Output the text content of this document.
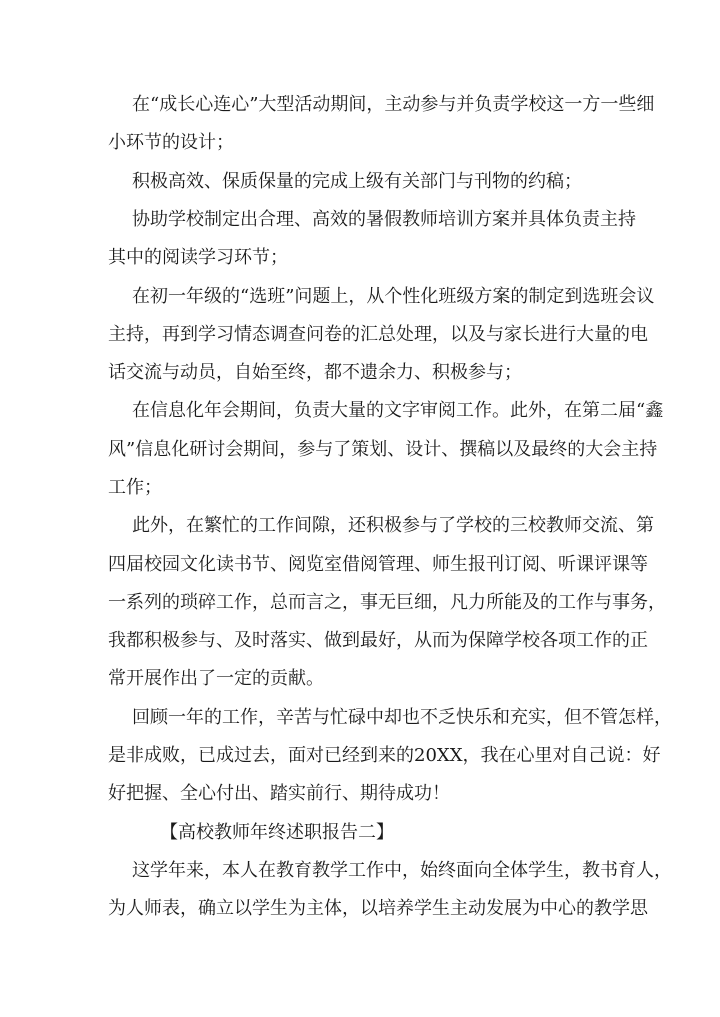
在“成长心连心”大型活动期间，主动参与并负责学校这一方一些细
小环节的设计；
积极高效、保质保量的完成上级有关部门与刊物的约稿；
协助学校制定出合理、高效的暑假教师培训方案并具体负责主持
其中的阅读学习环节；
在初一年级的“选班”问题上，从个性化班级方案的制定到选班会议
主持，再到学习情态调查问卷的汇总处理，以及与家长进行大量的电
话交流与动员，自始至终，都不遗余力、积极参与；
在信息化年会期间，负责大量的文字审阅工作。此外，在第二届“鑫
风”信息化研讨会期间，参与了策划、设计、撰稿以及最终的大会主持
工作；
此外，在繁忙的工作间隙，还积极参与了学校的三校教师交流、第
四届校园文化读书节、阅览室借阅管理、师生报刊订阅、听课评课等
一系列的琐碎工作，总而言之，事无巨细，凡力所能及的工作与事务，
我都积极参与、及时落实、做到最好，从而为保障学校各项工作的正
常开展作出了一定的贡献。
回顾一年的工作，辛苦与忙碌中却也不乏快乐和充实，但不管怎样，
是非成败，已成过去，面对已经到来的20XX，我在心里对自己说：好
好把握、全心付出、踏实前行、期待成功！
【高校教师年终述职报告二】
这学年来，本人在教育教学工作中，始终面向全体学生，教书育人，
为人师表，确立以学生为主体，以培养学生主动发展为中心的教学思
